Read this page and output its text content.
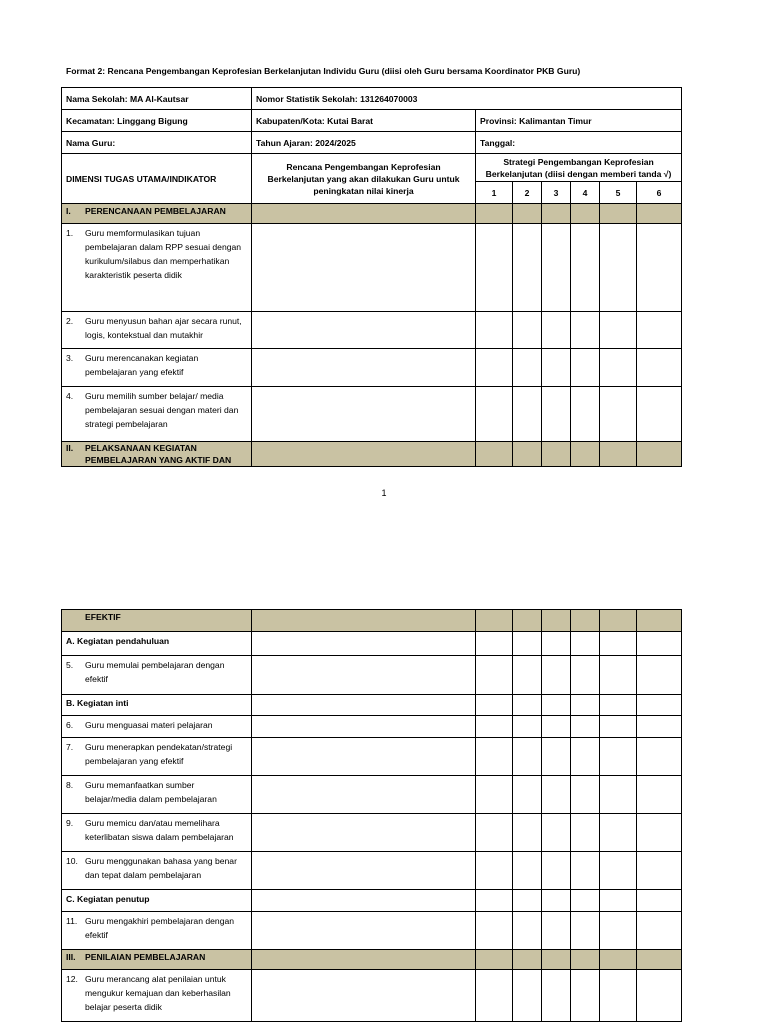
Format 2: Rencana Pengembangan Keprofesian Berkelanjutan Individu Guru (diisi oleh Guru bersama Koordinator PKB Guru)
Nama Sekolah: MA Al-Kautsar	Nomor Statistik Sekolah: 131264070003						
Kecamatan: Linggang Bigung	Kabupaten/Kota: Kutai Barat	Provinsi: Kalimantan Timur					
Nama Guru:	Tahun Ajaran: 2024/2025	Tanggal:					
DIMENSI TUGAS UTAMA/INDIKATOR	Rencana Pengembangan Keprofesian Berkelanjutan yang akan dilakukan Guru untuk peningkatan nilai kinerja	Strategi Pengembangan Keprofesian Berkelanjutan (diisi dengan memberi tanda √)					
		1	2	3	4	5	6

I. PERENCANAAN PEMBELAJARAN							

1. Guru memformulasikan tujuan pembelajaran dalam RPP sesuai dengan kurikulum/silabus dan memperhatikan karakteristik peserta didik							

2. Guru menyusun bahan ajar secara runut, logis, kontekstual dan mutakhir							

3. Guru merencanakan kegiatan pembelajaran yang efektif							

4. Guru memilih sumber belajar/ media pembelajaran sesuai dengan materi dan strategi pembelajaran							

II. PELAKSANAAN KEGIATAN PEMBELAJARAN YANG AKTIF DAN							

1
EFEKTIF							

A. Kegiatan pendahuluan							

5. Guru memulai pembelajaran dengan efektif							

B. Kegiatan inti							

6. Guru menguasai materi pelajaran							

7. Guru menerapkan pendekatan/strategi pembelajaran yang efektif							

8. Guru memanfaatkan sumber belajar/media dalam pembelajaran							

9. Guru memicu dan/atau memelihara keterlibatan siswa dalam pembelajaran							

10. Guru menggunakan bahasa yang benar dan tepat dalam pembelajaran							

C. Kegiatan penutup							

11. Guru mengakhiri pembelajaran dengan efektif							

III. PENILAIAN PEMBELAJARAN							

12. Guru merancang alat penilaian untuk mengukur kemajuan dan keberhasilan belajar peserta didik							
